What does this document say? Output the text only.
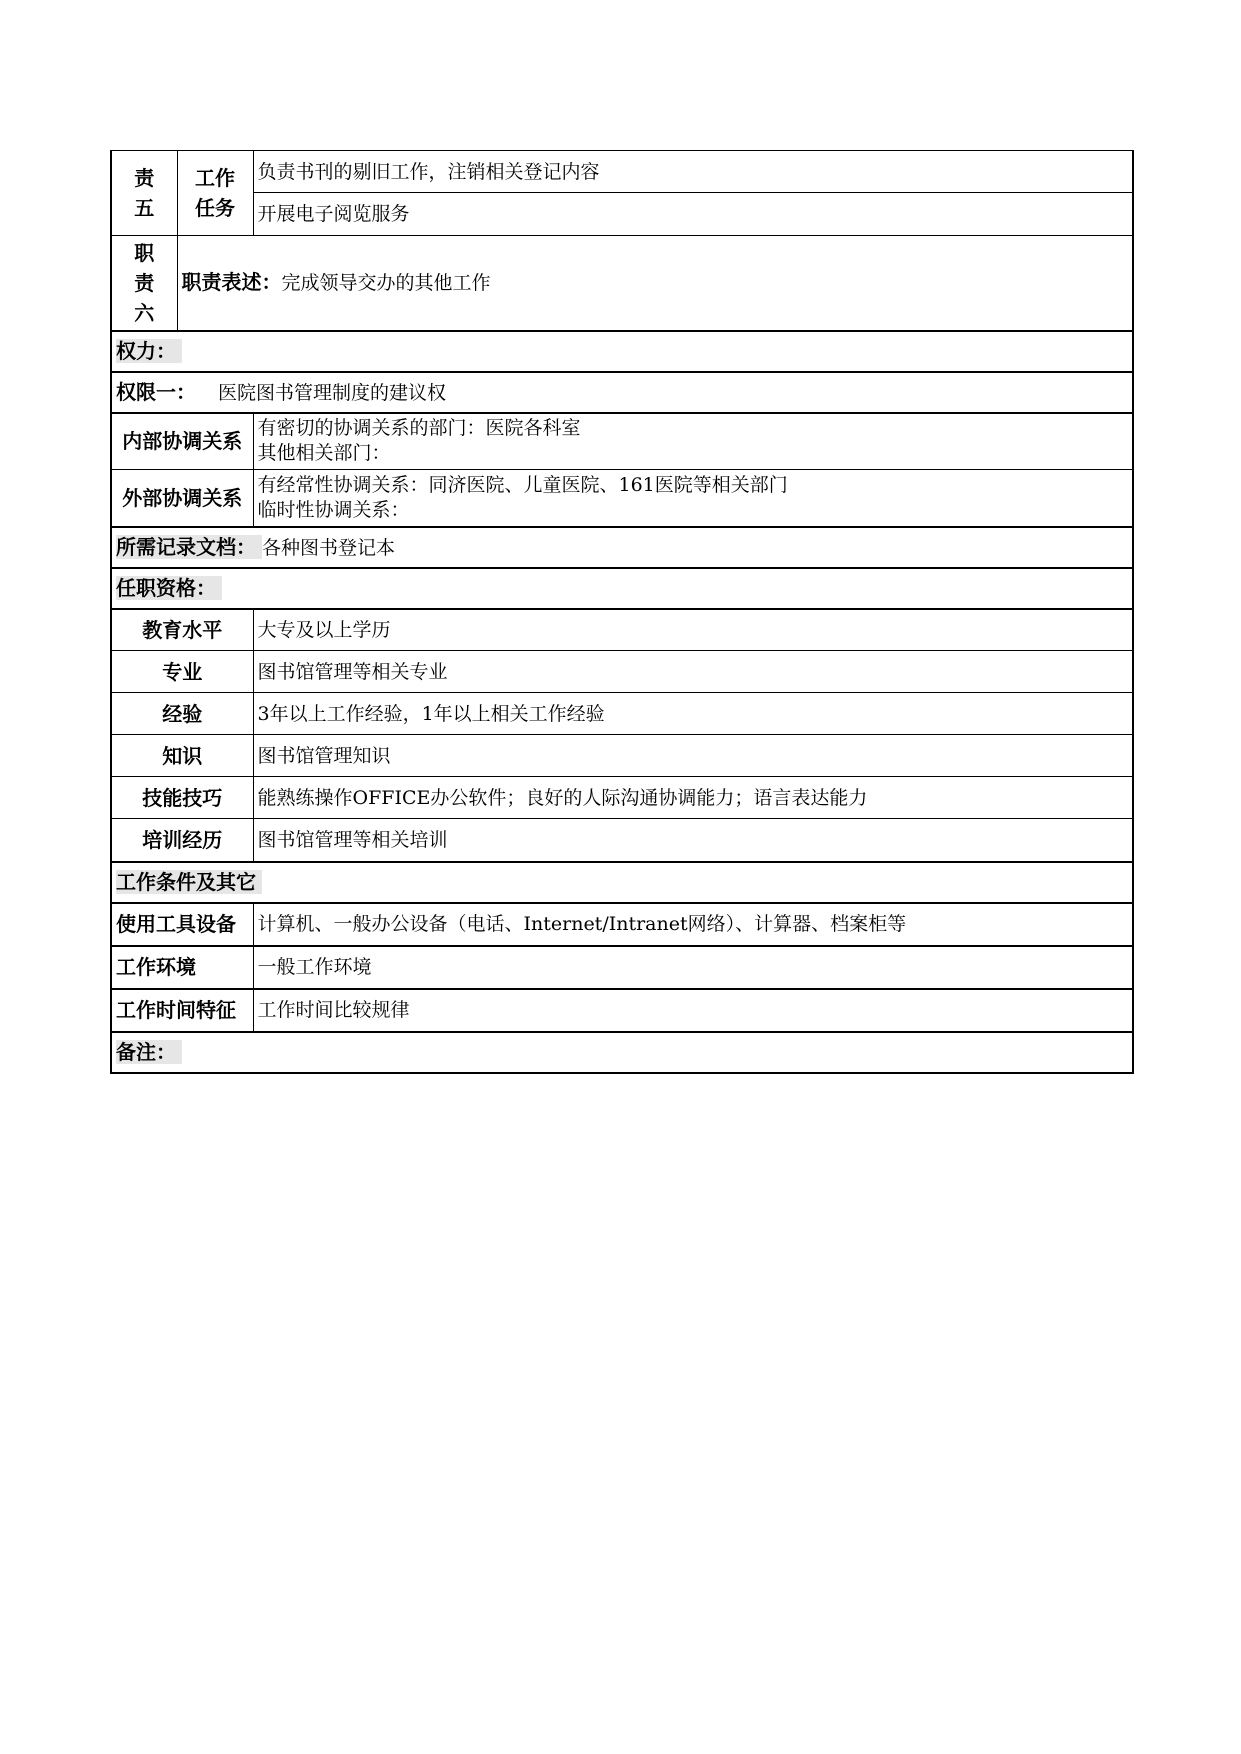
责五	工作任务	负责书刊的剔旧工作，注销相关登记内容
		开展电子阅览服务

职责六	职责表述：完成领导交办的其他工作	
权力：		
权限一： 医院图书管理制度的建议权		
内部协调关系		有密切的协调关系的部门：医院各科室
其他相关部门：

外部协调关系		有经常性协调关系：同济医院、儿童医院、161医院等相关部门
临时性协调关系：

所需记录文档： 各种图书登记本		
任职资格：		
教育水平		大专及以上学历
专业		图书馆管理等相关专业
经验		3年以上工作经验，1年以上相关工作经验
知识		图书馆管理知识
技能技巧		能熟练操作OFFICE办公软件；良好的人际沟通协调能力；语言表达能力
培训经历		图书馆管理等相关培训
工作条件及其它		
使用工具设备		计算机、一般办公设备（电话、Internet/Intranet网络）、计算器、档案柜等
工作环境		一般工作环境
工作时间特征		工作时间比较规律
备注：		
